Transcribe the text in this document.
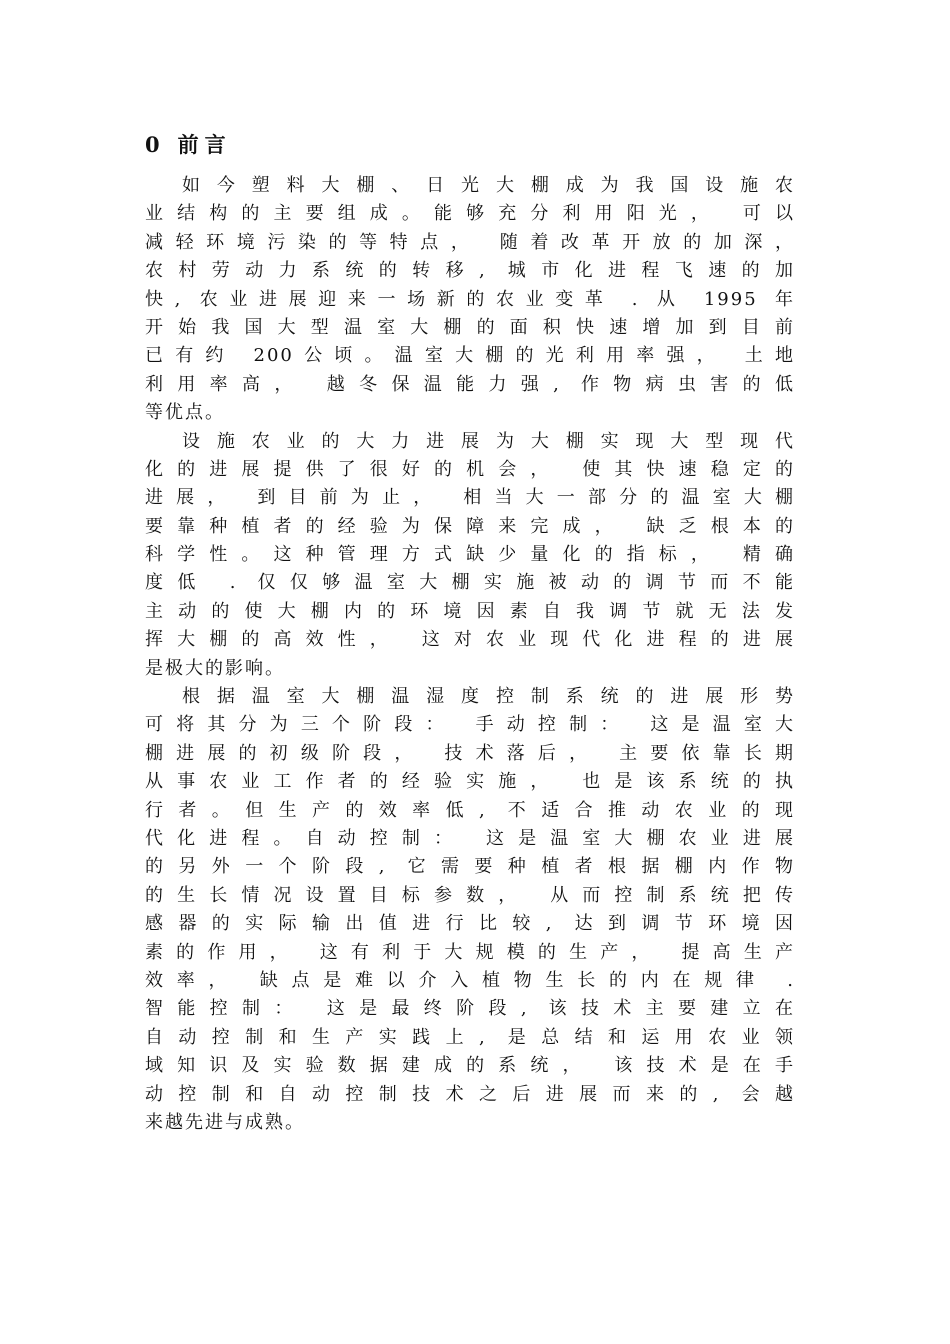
0 前言
如今塑料大棚、日光大棚成为我国设施农
业结构的主要组成。能够充分利用阳光， 可以
减轻环境污染的等特点， 随着改革开放的加深，
农村劳动力系统的转移, 城市化进程飞速的加
快, 农业进展迎来一场新的农业变革 . 从 1995 年
开始我国大型温室大棚的面积快速增加到目前
已有约 200公顷。温室大棚的光利用率强， 土地
利用率高， 越冬保温能力强, 作物病虫害的低
等优点。
设施农业的大力进展为大棚实现大型现代
化的进展提供了很好的机会， 使其快速稳定的
进展， 到目前为止， 相当大一部分的温室大棚
要靠种植者的经验为保障来完成， 缺乏根本的
科学性。这种管理方式缺少量化的指标， 精确
度低 . 仅仅够温室大棚实施被动的调节而不能
主动的使大棚内的环境因素自我调节就无法发
挥大棚的高效性， 这对农业现代化进程的进展
是极大的影响。
根据温室大棚温湿度控制系统的进展形势
可将其分为三个阶段： 手动控制： 这是温室大
棚进展的初级阶段， 技术落后， 主要依靠长期
从事农业工作者的经验实施， 也是该系统的执
行者。但生产的效率低, 不适合推动农业的现
代化进程。自动控制： 这是温室大棚农业进展
的另外一个阶段, 它需要种植者根据棚内作物
的生长情况设置目标参数， 从而控制系统把传
感器的实际输出值进行比较, 达到调节环境因
素的作用， 这有利于大规模的生产， 提高生产
效率， 缺点是难以介入植物生长的内在规律 .
智能控制： 这是最终阶段, 该技术主要建立在
自动控制和生产实践上, 是总结和运用农业领
域知识及实验数据建成的系统， 该技术是在手
动控制和自动控制技术之后进展而来的, 会越
来越先进与成熟。
